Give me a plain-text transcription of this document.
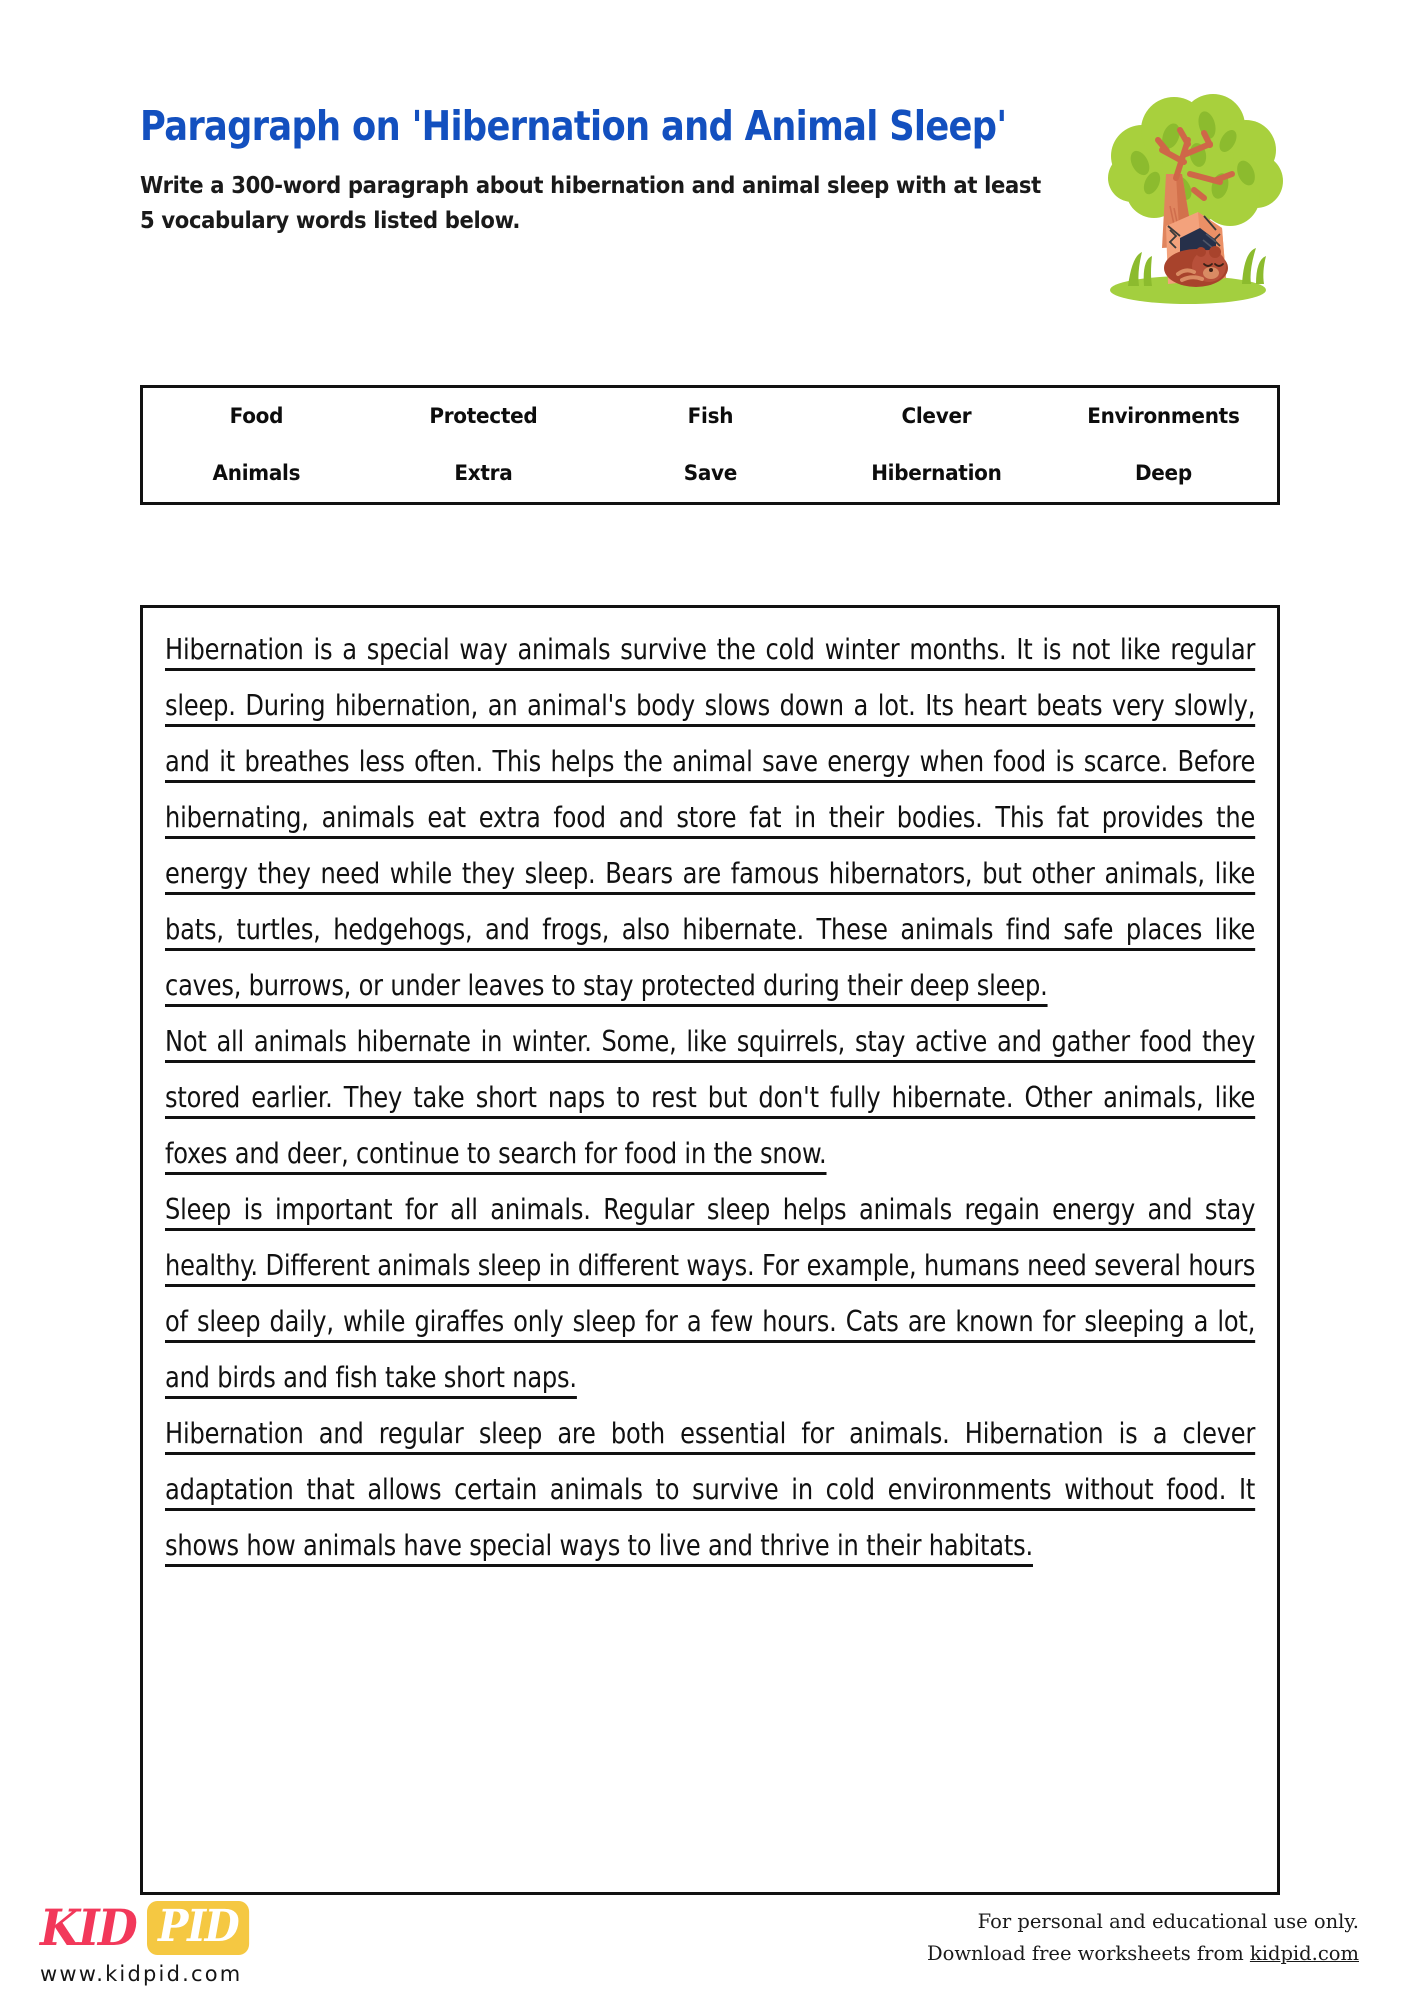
Paragraph on 'Hibernation and Animal Sleep'
Write a 300-word paragraph about hibernation and animal sleep with at least 5 vocabulary words listed below.
Food	Protected	Fish	Clever	Environments
Animals	Extra	Save	Hibernation	Deep

Hibernation is a special way animals survive the cold winter months. It is not like regular sleep. During hibernation, an animal's body slows down a lot. Its heart beats very slowly, and it breathes less often. This helps the animal save energy when food is scarce. Before hibernating, animals eat extra food and store fat in their bodies. This fat provides the energy they need while they sleep. Bears are famous hibernators, but other animals, like bats, turtles, hedgehogs, and frogs, also hibernate. These animals find safe places like caves, burrows, or under leaves to stay protected during their deep sleep.

Not all animals hibernate in winter. Some, like squirrels, stay active and gather food they stored earlier. They take short naps to rest but don't fully hibernate. Other animals, like foxes and deer, continue to search for food in the snow.

Sleep is important for all animals. Regular sleep helps animals regain energy and stay healthy. Different animals sleep in different ways. For example, humans need several hours of sleep daily, while giraffes only sleep for a few hours. Cats are known for sleeping a lot, and birds and fish take short naps.

Hibernation and regular sleep are both essential for animals. Hibernation is a clever adaptation that allows certain animals to survive in cold environments without food. It shows how animals have special ways to live and thrive in their habitats.

KID PID
www.kidpid.com
For personal and educational use only.
Download free worksheets from kidpid.com
